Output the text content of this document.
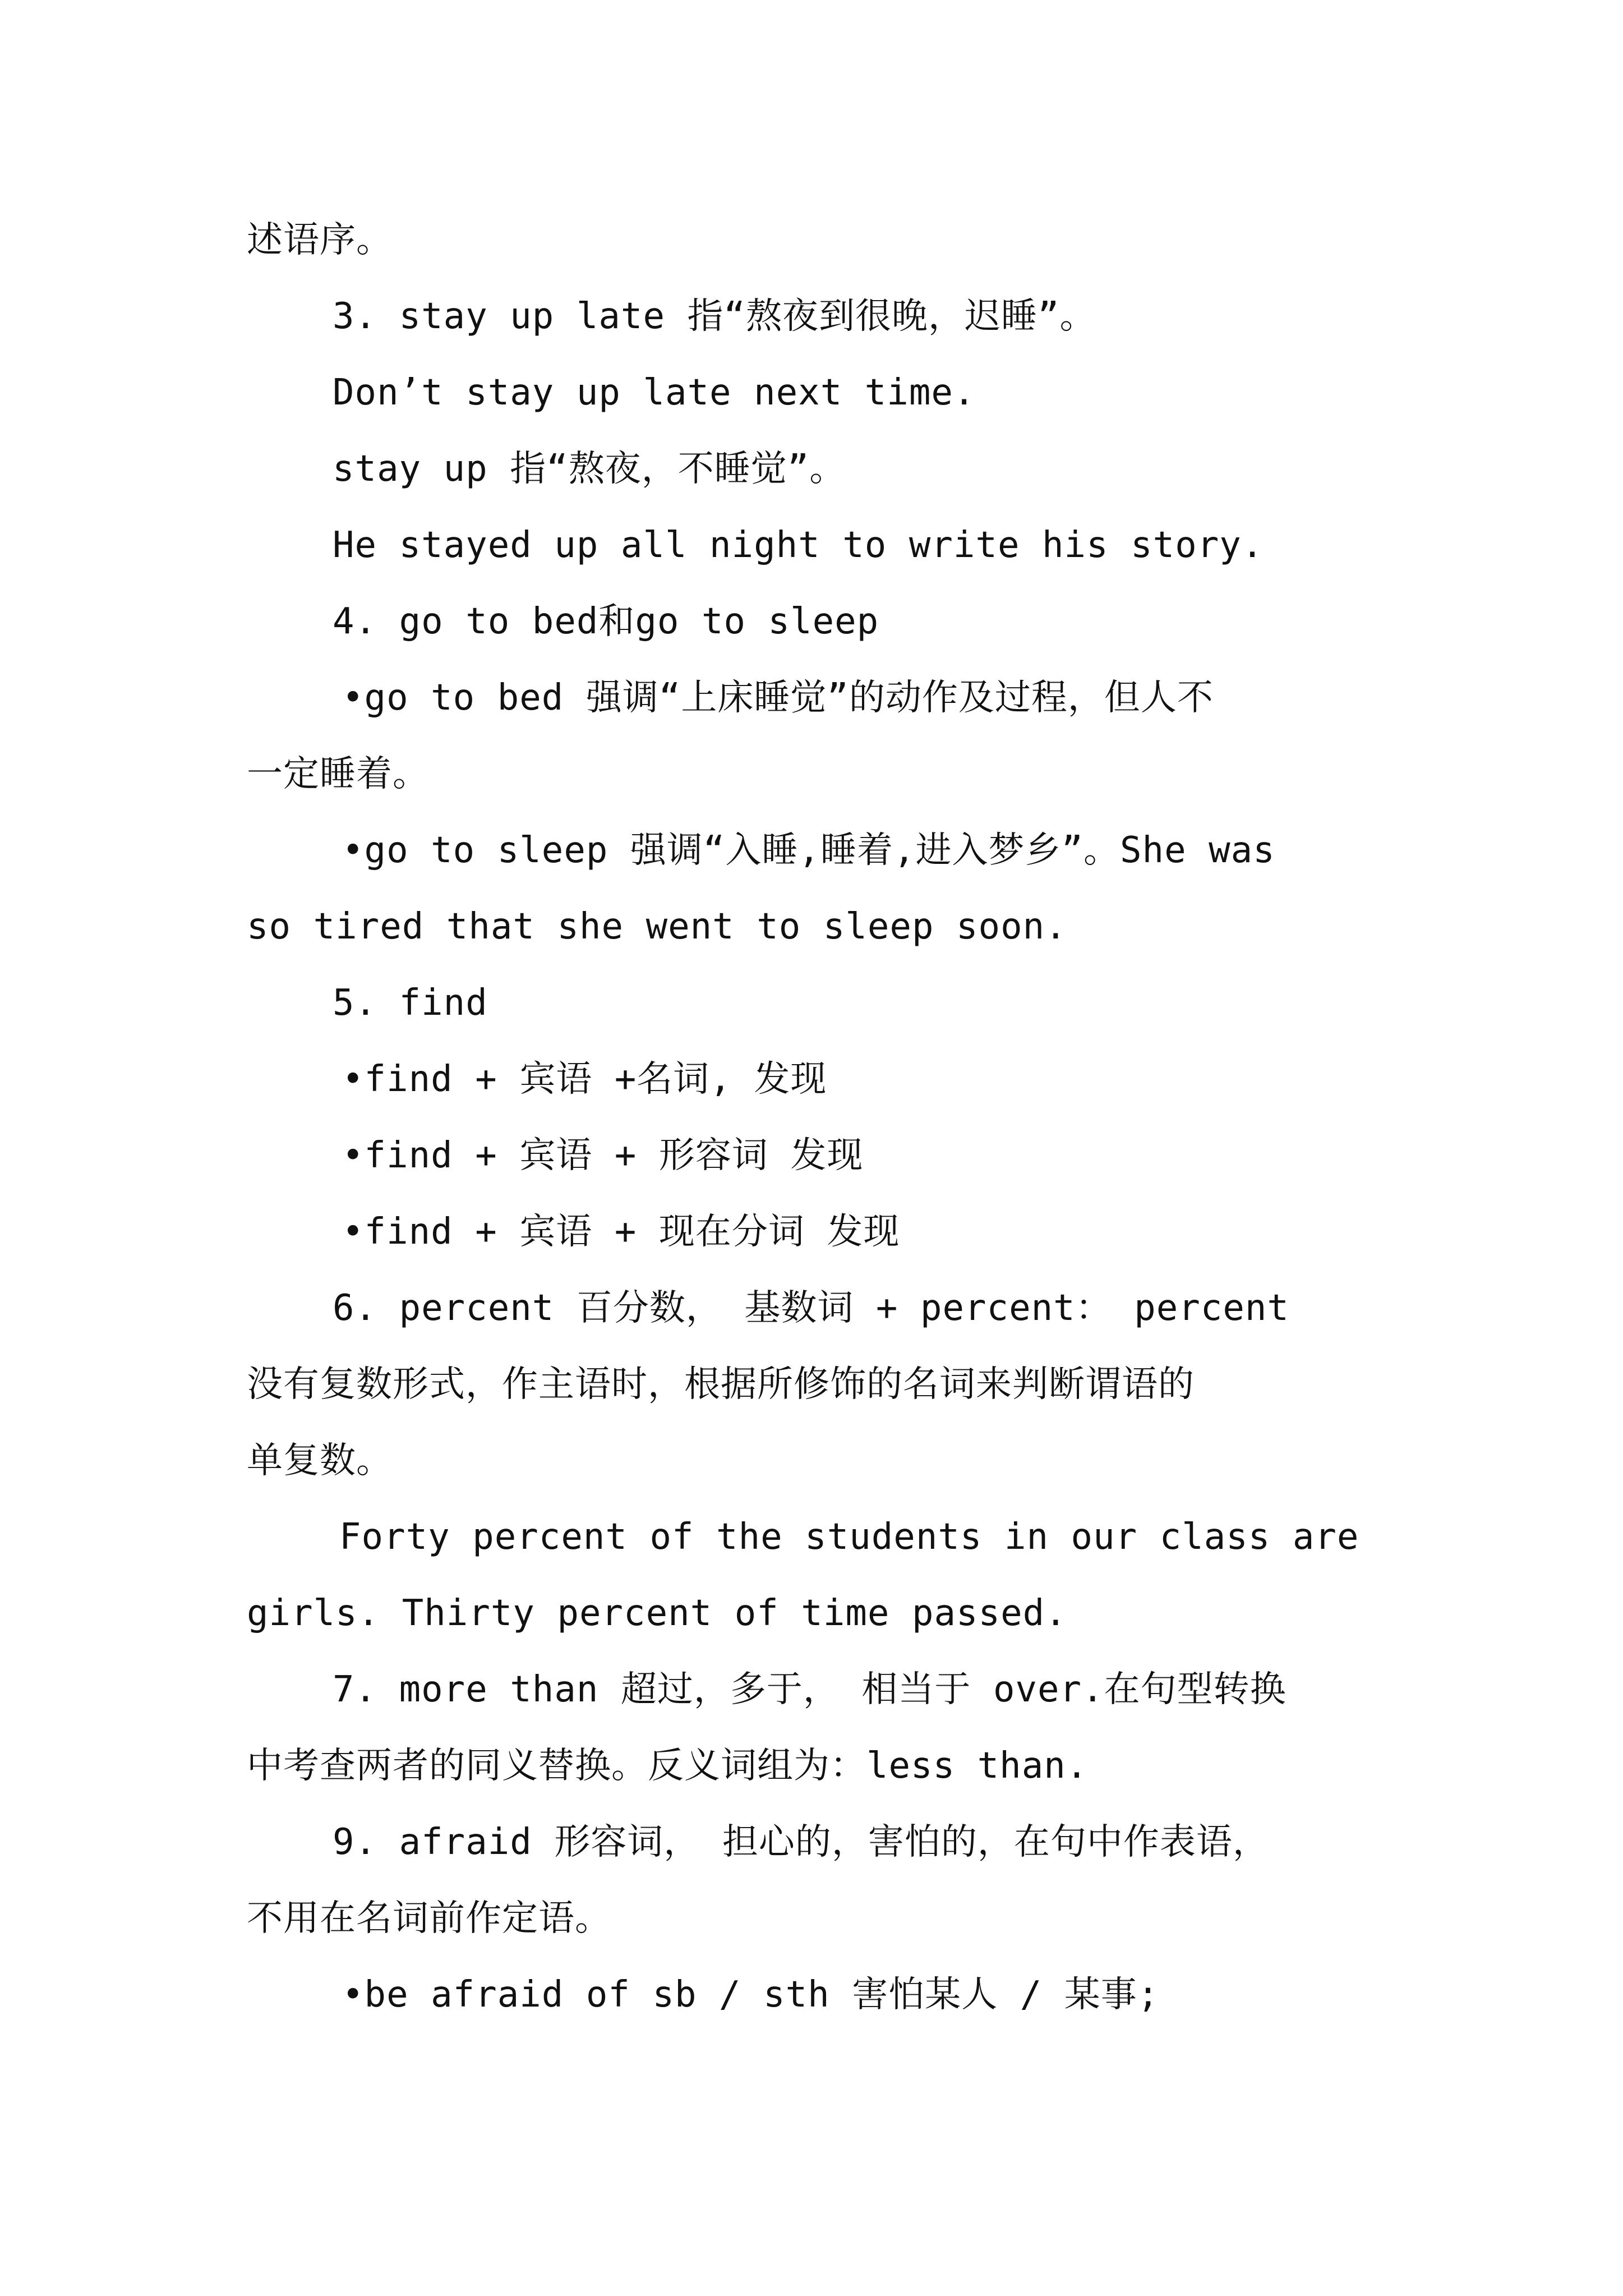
述语序。
3. stay up late 指“熬夜到很晚，迟睡”。
Don’t stay up late next time.
stay up 指“熬夜，不睡觉”。
He stayed up all night to write his story.
4. go to bed和go to sleep
•go to bed 强调“上床睡觉”的动作及过程，但人不
一定睡着。
•go to sleep 强调“入睡,睡着,进入梦乡”。She was
so tired that she went to sleep soon.
5. find
•find + 宾语 +名词, 发现
•find + 宾语 + 形容词 发现
•find + 宾语 + 现在分词 发现
6. percent 百分数， 基数词 + percent： percent
没有复数形式，作主语时，根据所修饰的名词来判断谓语的
单复数。
Forty percent of the students in our class are
girls. Thirty percent of time passed.
7. more than 超过，多于， 相当于 over.在句型转换
中考查两者的同义替换。反义词组为：less than.
9. afraid 形容词， 担心的，害怕的，在句中作表语，
不用在名词前作定语。
•be afraid of sb / sth 害怕某人 / 某事;
